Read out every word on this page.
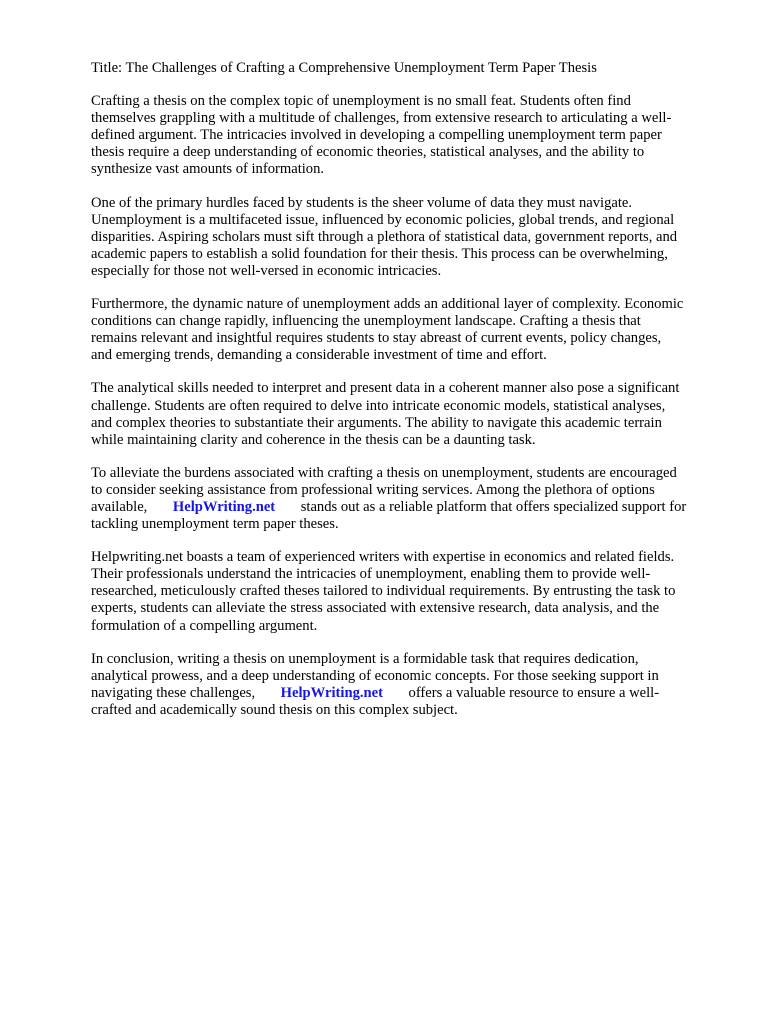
Title: The Challenges of Crafting a Comprehensive Unemployment Term Paper Thesis
Crafting a thesis on the complex topic of unemployment is no small feat. Students often find
themselves grappling with a multitude of challenges, from extensive research to articulating a well-
defined argument. The intricacies involved in developing a compelling unemployment term paper
thesis require a deep understanding of economic theories, statistical analyses, and the ability to
synthesize vast amounts of information.
One of the primary hurdles faced by students is the sheer volume of data they must navigate.
Unemployment is a multifaceted issue, influenced by economic policies, global trends, and regional
disparities. Aspiring scholars must sift through a plethora of statistical data, government reports, and
academic papers to establish a solid foundation for their thesis. This process can be overwhelming,
especially for those not well-versed in economic intricacies.
Furthermore, the dynamic nature of unemployment adds an additional layer of complexity. Economic
conditions can change rapidly, influencing the unemployment landscape. Crafting a thesis that
remains relevant and insightful requires students to stay abreast of current events, policy changes,
and emerging trends, demanding a considerable investment of time and effort.
The analytical skills needed to interpret and present data in a coherent manner also pose a significant
challenge. Students are often required to delve into intricate economic models, statistical analyses,
and complex theories to substantiate their arguments. The ability to navigate this academic terrain
while maintaining clarity and coherence in the thesis can be a daunting task.
To alleviate the burdens associated with crafting a thesis on unemployment, students are encouraged
to consider seeking assistance from professional writing services. Among the plethora of options
available, HelpWriting.net stands out as a reliable platform that offers specialized support for
tackling unemployment term paper theses.
Helpwriting.net boasts a team of experienced writers with expertise in economics and related fields.
Their professionals understand the intricacies of unemployment, enabling them to provide well-
researched, meticulously crafted theses tailored to individual requirements. By entrusting the task to
experts, students can alleviate the stress associated with extensive research, data analysis, and the
formulation of a compelling argument.
In conclusion, writing a thesis on unemployment is a formidable task that requires dedication,
analytical prowess, and a deep understanding of economic concepts. For those seeking support in
navigating these challenges, HelpWriting.net offers a valuable resource to ensure a well-
crafted and academically sound thesis on this complex subject.
